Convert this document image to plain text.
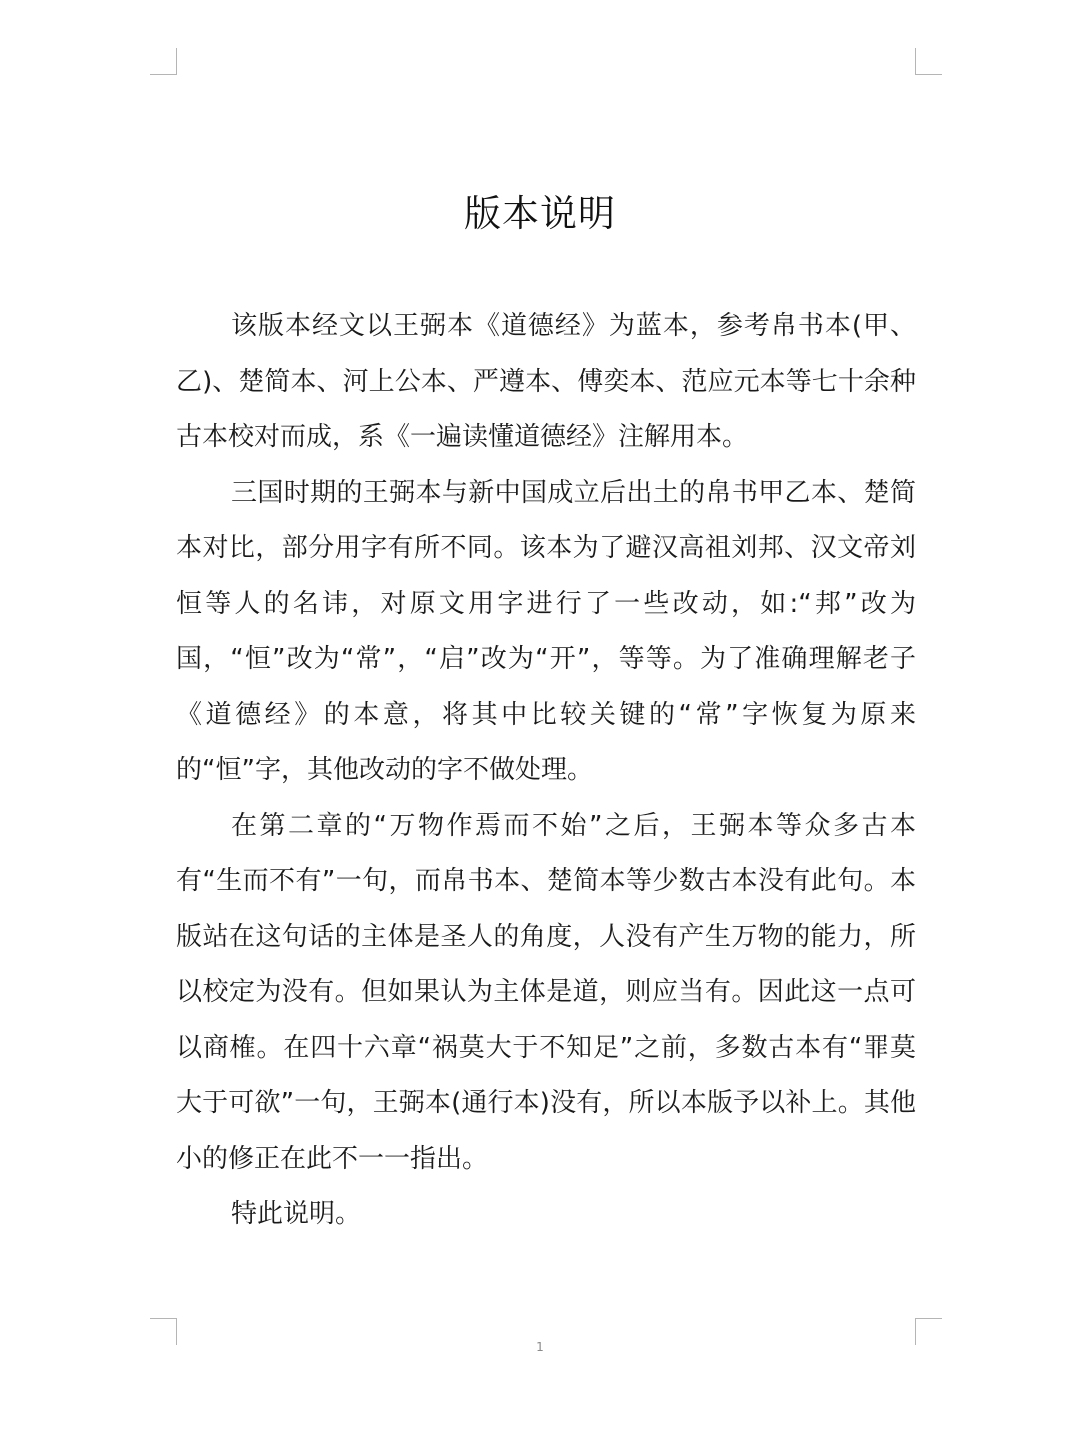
版本说明

该版本经文以王弼本《道德经》为蓝本，参考帛书本(甲、乙)、楚简本、河上公本、严遵本、傅奕本、范应元本等七十余种古本校对而成，系《一遍读懂道德经》注解用本。

三国时期的王弼本与新中国成立后出土的帛书甲乙本、楚简本对比，部分用字有所不同。该本为了避汉高祖刘邦、汉文帝刘恒等人的名讳，对原文用字进行了一些改动，如:“邦”改为国，“恒”改为“常”，“启”改为“开”，等等。为了准确理解老子《道德经》的本意，将其中比较关键的“常”字恢复为原来的“恒”字，其他改动的字不做处理。

在第二章的“万物作焉而不始”之后，王弼本等众多古本有“生而不有”一句，而帛书本、楚简本等少数古本没有此句。本版站在这句话的主体是圣人的角度，人没有产生万物的能力，所以校定为没有。但如果认为主体是道，则应当有。因此这一点可以商榷。在四十六章“祸莫大于不知足”之前，多数古本有“罪莫大于可欲”一句，王弼本(通行本)没有，所以本版予以补上。其他小的修正在此不一一指出。

特此说明。

1
